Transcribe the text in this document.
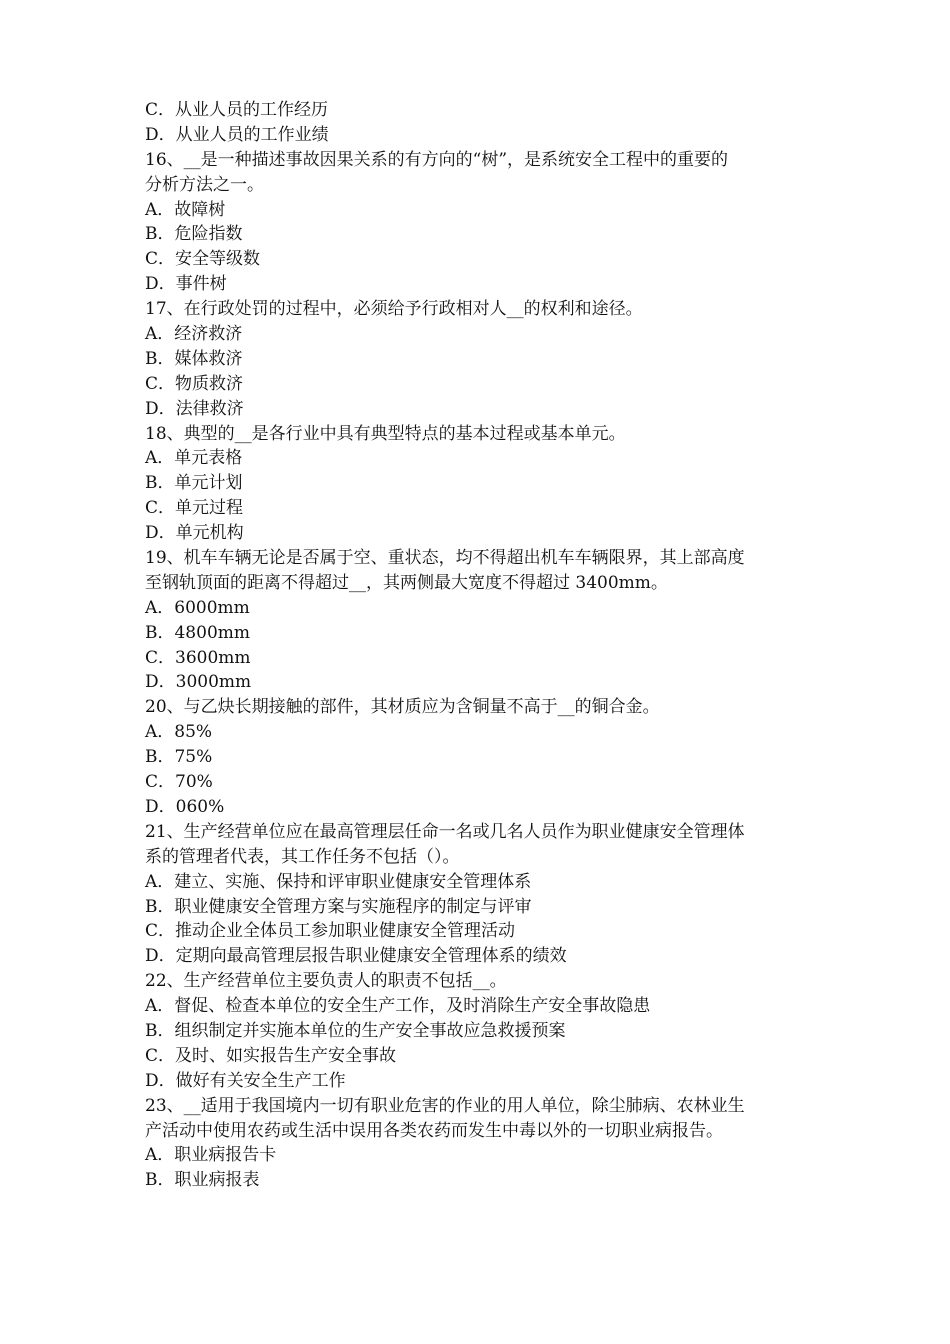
C．从业人员的工作经历
D．从业人员的工作业绩
16、__是一种描述事故因果关系的有方向的“树”，是系统安全工程中的重要的
分析方法之一。
A．故障树
B．危险指数
C．安全等级数
D．事件树
17、在行政处罚的过程中，必须给予行政相对人__的权利和途径。
A．经济救济
B．媒体救济
C．物质救济
D．法律救济
18、典型的__是各行业中具有典型特点的基本过程或基本单元。
A．单元表格
B．单元计划
C．单元过程
D．单元机构
19、机车车辆无论是否属于空、重状态，均不得超出机车车辆限界，其上部高度
至钢轨顶面的距离不得超过__，其两侧最大宽度不得超过 3400mm。
A．6000mm
B．4800mm
C．3600mm
D．3000mm
20、与乙炔长期接触的部件，其材质应为含铜量不高于__的铜合金。
A．85%
B．75%
C．70%
D．060%
21、生产经营单位应在最高管理层任命一名或几名人员作为职业健康安全管理体
系的管理者代表，其工作任务不包括（）。
A．建立、实施、保持和评审职业健康安全管理体系
B．职业健康安全管理方案与实施程序的制定与评审
C．推动企业全体员工参加职业健康安全管理活动
D．定期向最高管理层报告职业健康安全管理体系的绩效
22、生产经营单位主要负责人的职责不包括__。
A．督促、检查本单位的安全生产工作，及时消除生产安全事故隐患
B．组织制定并实施本单位的生产安全事故应急救援预案
C．及时、如实报告生产安全事故
D．做好有关安全生产工作
23、__适用于我国境内一切有职业危害的作业的用人单位，除尘肺病、农林业生
产活动中使用农药或生活中误用各类农药而发生中毒以外的一切职业病报告。
A．职业病报告卡
B．职业病报表
